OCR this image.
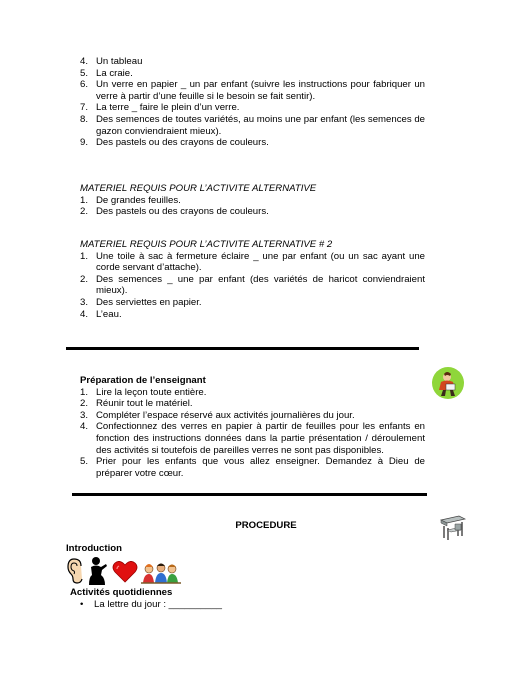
4. Un tableau
5. La craie.
6. Un verre en papier _ un par enfant (suivre les instructions pour fabriquer un verre à partir d’une feuille si le besoin se fait sentir).
7. La terre _ faire le plein d’un verre.
8. Des semences de toutes variétés, au moins une par enfant (les semences de gazon conviendraient mieux).
9. Des pastels ou des crayons de couleurs.
MATERIEL REQUIS POUR L’ACTIVITE ALTERNATIVE
1. De grandes feuilles.
2. Des pastels ou des crayons de couleurs.
MATERIEL REQUIS POUR L’ACTIVITE ALTERNATIVE # 2
1. Une toile à sac à fermeture éclaire _ une par enfant (ou un sac ayant une corde servant d’attache).
2. Des semences _ une par enfant (des variétés de haricot conviendraient mieux).
3. Des serviettes en papier.
4. L’eau.
Préparation de l’enseignant
1. Lire la leçon toute entière.
2. Réunir tout le matériel.
3. Compléter l’espace réservé aux activités journalières du jour.
4. Confectionnez des verres en papier à partir de feuilles pour les enfants en fonction des instructions données dans la partie présentation / déroulement des activités si toutefois de pareilles verres ne sont pas disponibles.
5. Prier pour les enfants que vous allez enseigner. Demandez à Dieu de préparer votre cœur.
PROCEDURE
Introduction
Activités quotidiennes
• La lettre du jour : __________
